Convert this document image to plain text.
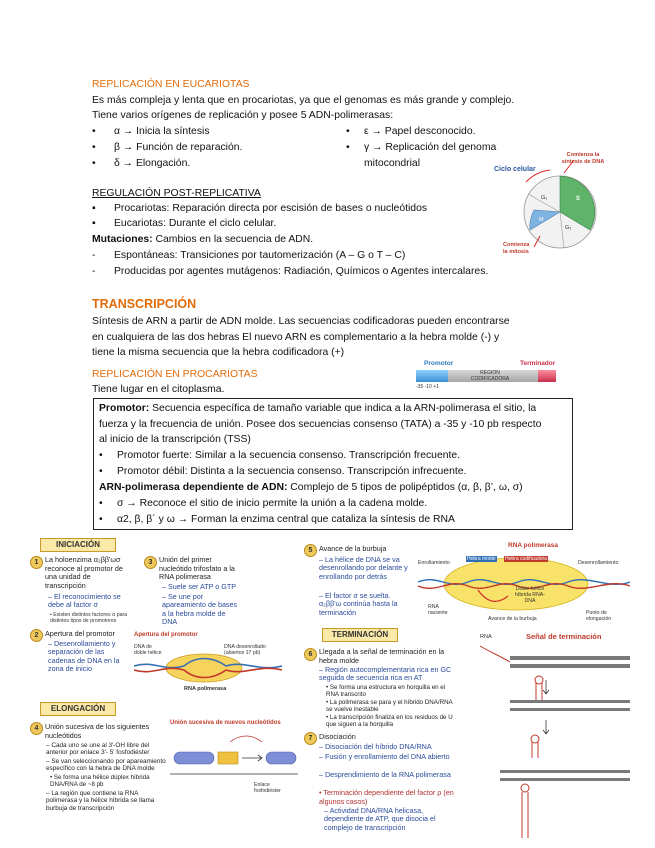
REPLICACIÓN EN EUCARIOTAS
Es más compleja y lenta que en procariotas, ya que el genomas es más grande y complejo.
Tiene varios orígenes de replicación y posee 5 ADN-polimerasas:
• α → Inicia la síntesis
• β → Función de reparación.
• δ → Elongación.
• ε → Papel desconocido.
• γ → Replicación del genoma
mitocondrial
Comienza la
síntesis de DNA
Ciclo celular
Comienza
la mitosis
G₁	S
M
G₂
REGULACIÓN POST-REPLICATIVA
▪ Procariotas: Reparación directa por escisión de bases o nucleótidos
▪ Eucariotas: Durante el ciclo celular.
Mutaciones: Cambios en la secuencia de ADN.
- Espontáneas: Transiciones por tautomerización (A – G o T – C)
- Producidas por agentes mutágenos: Radiación, Químicos o Agentes intercalares.
TRANSCRIPCIÓN
Síntesis de ARN a partir de ADN molde. Las secuencias codificadoras pueden encontrarse
en cualquiera de las dos hebras El nuevo ARN es complementario a la hebra molde (-) y
tiene la misma secuencia que la hebra codificadora (+)
REPLICACIÓN EN PROCARIOTAS
Tiene lugar en el citoplasma.
Promotor	Terminador
REGION
CODIFICADORA
-35 -10 +1
Promotor: Secuencia específica de tamaño variable que indica a la ARN-polimerasa el sitio, la
fuerza y la frecuencia de unión. Posee dos secuencias consenso (TATA) a -35 y -10 pb respecto
al inicio de la transcripción (TSS)
• Promotor fuerte: Similar a la secuencia consenso. Transcripción frecuente.
• Promotor débil: Distinta a la secuencia consenso. Transcripción infrecuente.
ARN-polimerasa dependiente de ADN: Complejo de 5 tipos de polipéptidos (α, β, β’, ω, σ)
• σ → Reconoce el sitio de inicio permite la unión a la cadena molde.
• α2, β, β´ y ω → Forman la enzima central que cataliza la síntesis de RNA
INICIACIÓN
1 La holoenzima α₂ββ'ωσ reconoce al promotor de una unidad de transcripción
– El reconocimiento se debe al factor σ
• Existen distintos factores σ para distintos tipos de promotores
2 Apertura del promotor
– Desenrollamiento y separación de las cadenas de DNA en la zona de inicio
3 Unión del primer nucleótido trifosfato a la RNA polimerasa
– Suele ser ATP o GTP
– Se une por apareamiento de bases a la hebra molde de DNA
Apertura del promotor
DNA de doble hélice
DNA desenrollado (abiertos 17 pb)
RNA polimerasa
ELONGACIÓN
4 Unión sucesiva de los siguientes nucleótidos
– Cada uno se une al 3'-OH libre del anterior por enlace 3'- 5' fosfodiéster
– Se van seleccionando por apareamiento específico con la hebra de DNA molde
• Se forma una hélice dúplex híbrida DNA/RNA de ~8 pb
– La región que contiene la RNA polimerasa y la hélice híbrida se llama burbuja de transcripción
Unión sucesiva de nuevos nucleótidos
Enlace fosfodiéster
5 Avance de la burbuja
– La hélice de DNA se va desenrollando por delante y enrollando por detrás
– El factor σ se suelta. α₂ββ'ω continúa hasta la terminación
RNA polimerasa
Enrollamiento	Desenrollamiento
Hebra molde Hebra codificadora
Doble hélice híbrida RNA-DNA
RNA naciente
Avance de la burbuja
Punto de elongación
TERMINACIÓN
6 Llegada a la señal de terminación en la hebra molde
– Región autocomplementaria rica en GC seguida de secuencia rica en AT
• Se forma una estructura en horquilla en el RNA transcrito
• La polimerasa se para y el híbrido DNA/RNA se vuelve inestable
• La transcripción finaliza en los residuos de U que siguen a la horquilla
7 Disociación
– Disociación del híbrido DNA/RNA
– Fusión y enrollamiento del DNA abierto
– Desprendimiento de la RNA polimerasa
• Terminación dependiente del factor ρ (en algunos casos)
– Actividad DNA/RNA helicasa, dependiente de ATP, que disocia el complejo de transcripción
RNA	Señal de terminación
